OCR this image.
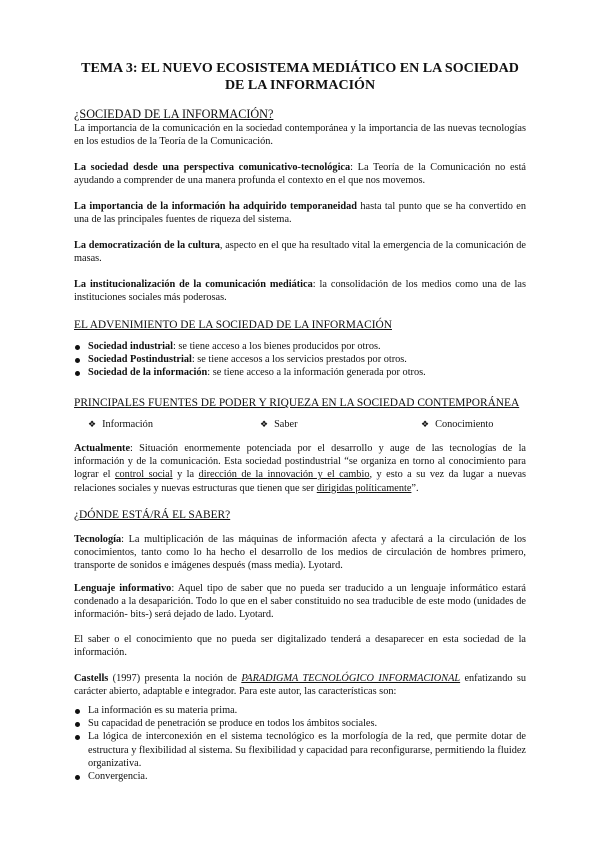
TEMA 3: EL NUEVO ECOSISTEMA MEDIÁTICO EN LA SOCIEDAD
DE LA INFORMACIÓN
¿SOCIEDAD DE LA INFORMACIÓN?
La importancia de la comunicación en la sociedad contemporánea y la importancia de las nuevas tecnologías en los estudios de la Teoría de la Comunicación.
La sociedad desde una perspectiva comunicativo-tecnológica: La Teoría de la Comunicación no está ayudando a comprender de una manera profunda el contexto en el que nos movemos.
La importancia de la información ha adquirido temporaneidad hasta tal punto que se ha convertido en una de las principales fuentes de riqueza del sistema.
La democratización de la cultura, aspecto en el que ha resultado vital la emergencia de la comunicación de masas.
La institucionalización de la comunicación mediática: la consolidación de los medios como una de las instituciones sociales más poderosas.
EL ADVENIMIENTO DE LA SOCIEDAD DE LA INFORMACIÓN
Sociedad industrial: se tiene acceso a los bienes producidos por otros.
Sociedad Postindustrial: se tiene accesos a los servicios prestados por otros.
Sociedad de la información: se tiene acceso a la información generada por otros.
PRINCIPALES FUENTES DE PODER Y RIQUEZA EN LA SOCIEDAD CONTEMPORÁNEA
❖ Información	❖ Saber	❖ Conocimiento
Actualmente: Situación enormemente potenciada por el desarrollo y auge de las tecnologías de la información y de la comunicación. Esta sociedad postindustrial “se organiza en torno al conocimiento para lograr el control social y la dirección de la innovación y el cambio, y esto a su vez da lugar a nuevas relaciones sociales y nuevas estructuras que tienen que ser dirigidas políticamente”.
¿DÓNDE ESTÁ/RÁ EL SABER?
Tecnología: La multiplicación de las máquinas de información afecta y afectará a la circulación de los conocimientos, tanto como lo ha hecho el desarrollo de los medios de circulación de hombres primero, transporte de sonidos e imágenes después (mass media). Lyotard.
Lenguaje informativo: Aquel tipo de saber que no pueda ser traducido a un lenguaje informático estará condenado a la desaparición. Todo lo que en el saber constituido no sea traducible de este modo (unidades de información- bits-) será dejado de lado. Lyotard.
El saber o el conocimiento que no pueda ser digitalizado tenderá a desaparecer en esta sociedad de la información.
Castells (1997) presenta la noción de PARADIGMA TECNOLÓGICO INFORMACIONAL enfatizando su carácter abierto, adaptable e integrador. Para este autor, las características son:
La información es su materia prima.
Su capacidad de penetración se produce en todos los ámbitos sociales.
La lógica de interconexión en el sistema tecnológico es la morfología de la red, que permite dotar de estructura y flexibilidad al sistema. Su flexibilidad y capacidad para reconfigurarse, permitiendo la fluidez organizativa.
Convergencia.
